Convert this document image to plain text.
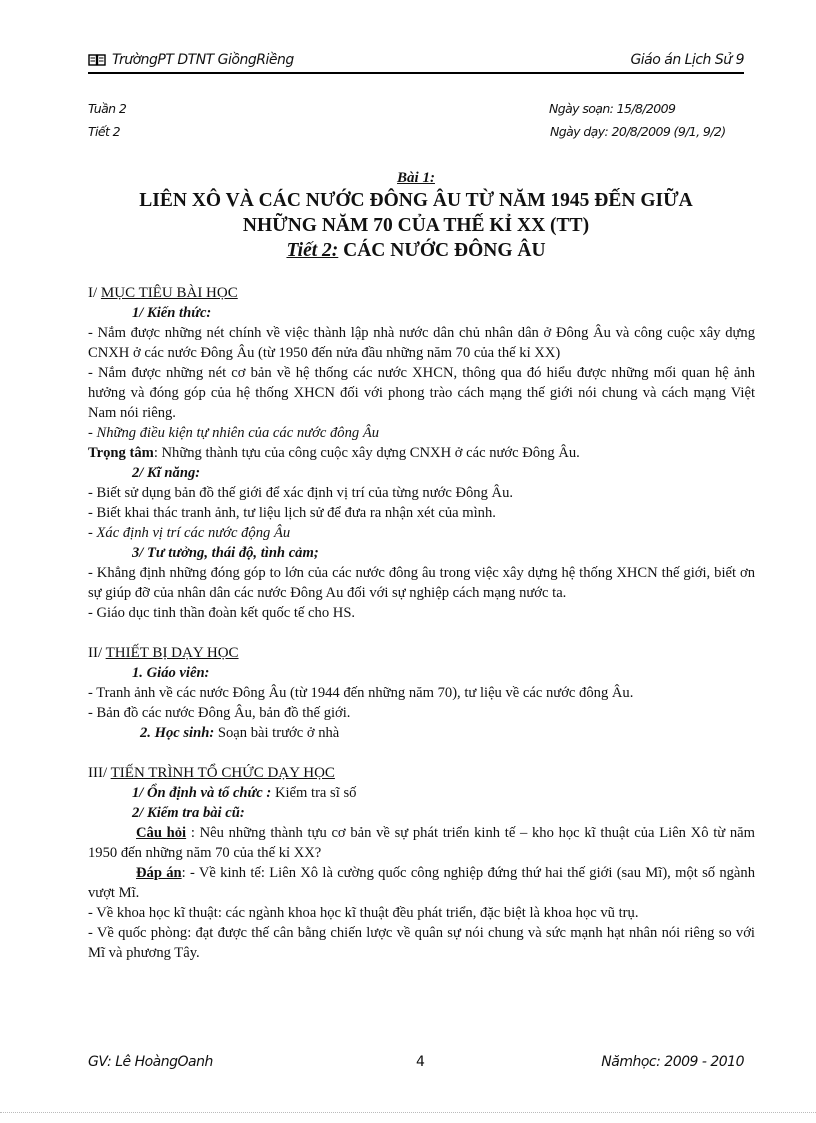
TrườngPT DTNT GiồngRiềng	Giáo án Lịch Sử 9
Tuần 2
Tiết 2
Ngày soạn: 15/8/2009
Ngày dạy: 20/8/2009 (9/1, 9/2)
Bài 1:
LIÊN XÔ VÀ CÁC NƯỚC ĐÔNG ÂU TỪ NĂM 1945 ĐẾN GIỮA
NHỮNG NĂM 70 CỦA THẾ KỈ XX (TT)
Tiết 2: CÁC NƯỚC ĐÔNG ÂU

I/ MỤC TIÊU BÀI HỌC

1/ Kiến thức:

- Nắm được những nét chính về việc thành lập nhà nước dân chủ nhân dân ở Đông Âu và công cuộc xây dựng CNXH ở các nước Đông Âu (từ 1950 đến nửa đầu những năm 70 của thế kỉ XX)

- Nắm được những nét cơ bản về hệ thống các nước XHCN, thông qua đó hiểu được những mối quan hệ ảnh hưởng và đóng góp của hệ thống XHCN đối với phong trào cách mạng thế giới nói chung và cách mạng Việt Nam nói riêng.

- Những điều kiện tự nhiên của các nước đông Âu

Trọng tâm: Những thành tựu của công cuộc xây dựng CNXH ở các nước Đông Âu.

2/ Kĩ năng:

- Biết sử dụng bản đồ thế giới để xác định vị trí của từng nước Đông Âu.

- Biết khai thác tranh ảnh, tư liệu lịch sử để đưa ra nhận xét của mình.

- Xác định vị trí các nước động Âu

3/ Tư tưởng, thái độ, tình cảm;

- Khẳng định những đóng góp to lớn của các nước đông âu trong việc xây dựng hệ thống XHCN thế giới, biết ơn sự giúp đỡ của nhân dân các nước Đông Au đối với sự nghiệp cách mạng nước ta.

- Giáo dục tinh thần đoàn kết quốc tế cho HS.

II/ THIẾT BỊ DẠY HỌC

1. Giáo viên:

- Tranh ảnh về các nước Đông Âu (từ 1944 đến những năm 70), tư liệu về các nước đông Âu.

- Bản đồ các nước Đông Âu, bản đồ thế giới.

2. Học sinh: Soạn bài trước ở nhà

III/ TIẾN TRÌNH TỔ CHỨC DẠY HỌC

1/ Ổn định và tổ chức : Kiểm tra sĩ số

2/ Kiểm tra bài cũ:

Câu hỏi : Nêu những thành tựu cơ bản về sự phát triển kinh tế – kho học kĩ thuật của Liên Xô từ năm 1950 đến những năm 70 của thế kỉ XX?

Đáp án: - Về kinh tế: Liên Xô là cường quốc công nghiệp đứng thứ hai thế giới (sau Mĩ), một số ngành vượt Mĩ.

- Về khoa học kĩ thuật: các ngành khoa học kĩ thuật đều phát triển, đặc biệt là khoa học vũ trụ.

- Về quốc phòng: đạt được thế cân bằng chiến lược về quân sự nói chung và sức mạnh hạt nhân nói riêng so với Mĩ và phương Tây.

GV: Lê HoàngOanh	4	Nămhọc: 2009 - 2010
